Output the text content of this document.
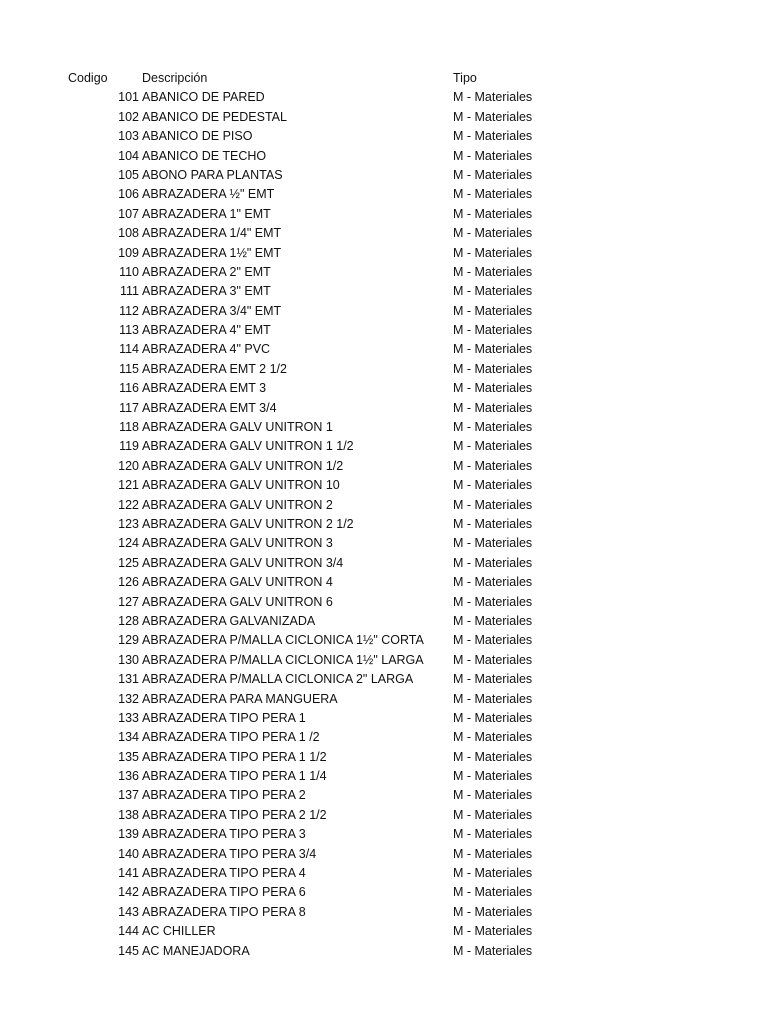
Codigo	Descripción	Tipo
101 ABANICO DE PARED	M - Materiales
102 ABANICO DE PEDESTAL	M - Materiales
103 ABANICO DE PISO	M - Materiales
104 ABANICO DE TECHO	M - Materiales
105 ABONO PARA PLANTAS	M - Materiales
106 ABRAZADERA ½" EMT	M - Materiales
107 ABRAZADERA 1" EMT	M - Materiales
108 ABRAZADERA 1/4" EMT	M - Materiales
109 ABRAZADERA 1½" EMT	M - Materiales
110 ABRAZADERA 2" EMT	M - Materiales
111 ABRAZADERA 3" EMT	M - Materiales
112 ABRAZADERA 3/4" EMT	M - Materiales
113 ABRAZADERA 4" EMT	M - Materiales
114 ABRAZADERA 4" PVC	M - Materiales
115 ABRAZADERA EMT 2 1/2	M - Materiales
116 ABRAZADERA EMT 3	M - Materiales
117 ABRAZADERA EMT 3/4	M - Materiales
118 ABRAZADERA GALV UNITRON 1	M - Materiales
119 ABRAZADERA GALV UNITRON 1 1/2	M - Materiales
120 ABRAZADERA GALV UNITRON 1/2	M - Materiales
121 ABRAZADERA GALV UNITRON 10	M - Materiales
122 ABRAZADERA GALV UNITRON 2	M - Materiales
123 ABRAZADERA GALV UNITRON 2 1/2	M - Materiales
124 ABRAZADERA GALV UNITRON 3	M - Materiales
125 ABRAZADERA GALV UNITRON 3/4	M - Materiales
126 ABRAZADERA GALV UNITRON 4	M - Materiales
127 ABRAZADERA GALV UNITRON 6	M - Materiales
128 ABRAZADERA GALVANIZADA	M - Materiales
129 ABRAZADERA P/MALLA CICLONICA 1½" CORTA M - Materiales
130 ABRAZADERA P/MALLA CICLONICA 1½" LARGA M - Materiales
131 ABRAZADERA P/MALLA CICLONICA 2" LARGA	M - Materiales
132 ABRAZADERA PARA MANGUERA	M - Materiales
133 ABRAZADERA TIPO PERA 1	M - Materiales
134 ABRAZADERA TIPO PERA 1 /2	M - Materiales
135 ABRAZADERA TIPO PERA 1 1/2	M - Materiales
136 ABRAZADERA TIPO PERA 1 1/4	M - Materiales
137 ABRAZADERA TIPO PERA 2	M - Materiales
138 ABRAZADERA TIPO PERA 2 1/2	M - Materiales
139 ABRAZADERA TIPO PERA 3	M - Materiales
140 ABRAZADERA TIPO PERA 3/4	M - Materiales
141 ABRAZADERA TIPO PERA 4	M - Materiales
142 ABRAZADERA TIPO PERA 6	M - Materiales
143 ABRAZADERA TIPO PERA 8	M - Materiales
144 AC CHILLER	M - Materiales
145 AC MANEJADORA	M - Materiales
